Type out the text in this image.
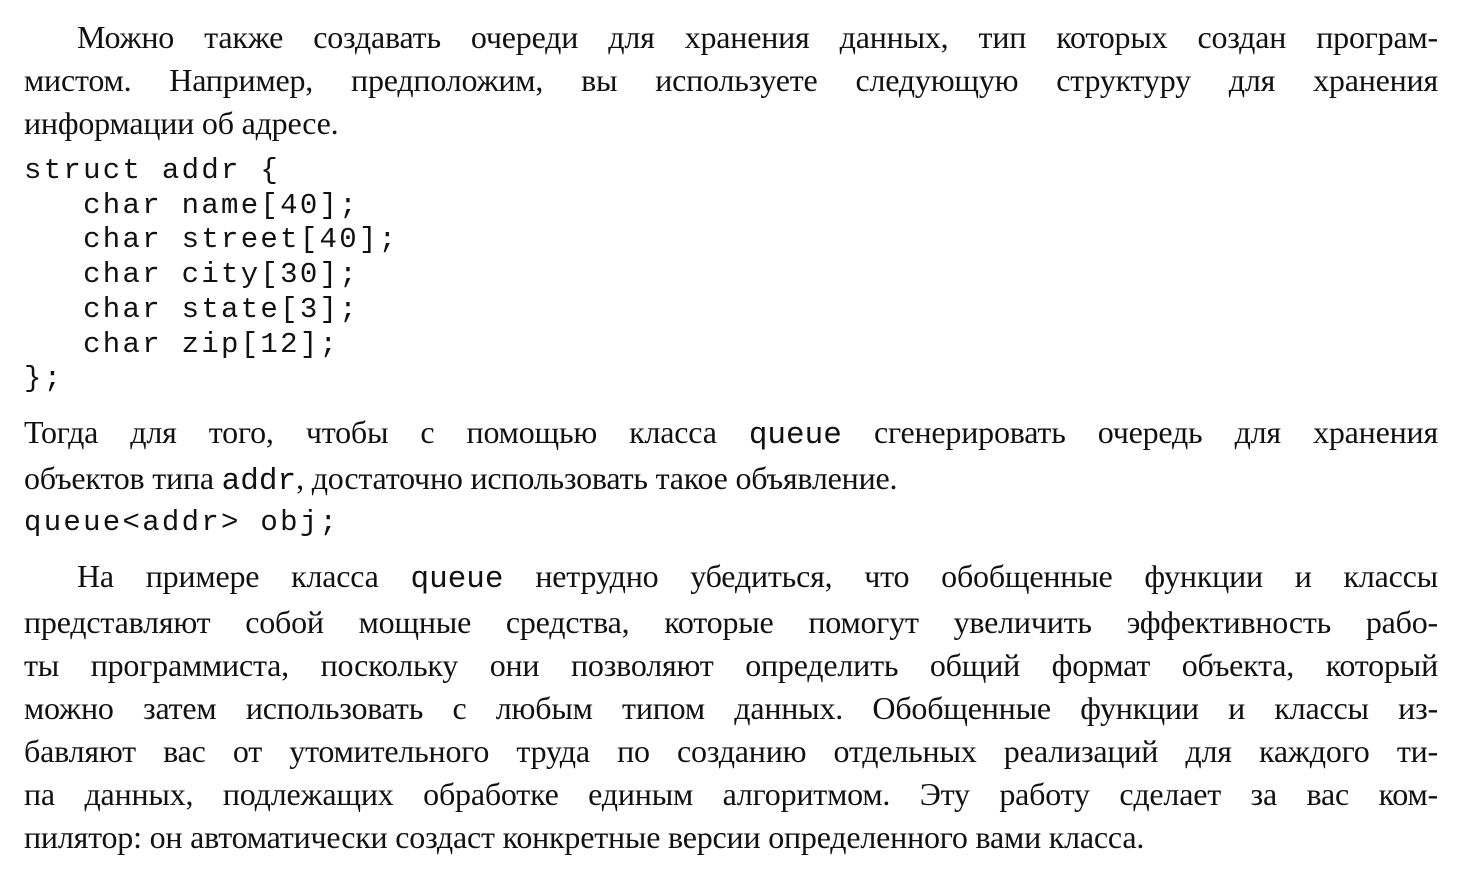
Можно также создавать очереди для хранения данных, тип которых создан програм-
мистом. Например, предположим, вы используете следующую структуру для хранения
информации об адресе.

struct addr {
char name[40];
char street[40];
char city[30];
char state[3];
char zip[12];
};

Тогда для того, чтобы с помощью класса queue сгенерировать очередь для хранения
объектов типа addr, достаточно использовать такое объявление.

queue<addr> obj;

На примере класса queue нетрудно убедиться, что обобщенные функции и классы
представляют собой мощные средства, которые помогут увеличить эффективность рабо-
ты программиста, поскольку они позволяют определить общий формат объекта, который
можно затем использовать с любым типом данных. Обобщенные функции и классы из-
бавляют вас от утомительного труда по созданию отдельных реализаций для каждого ти-
па данных, подлежащих обработке единым алгоритмом. Эту работу сделает за вас ком-
пилятор: он автоматически создаст конкретные версии определенного вами класса.
